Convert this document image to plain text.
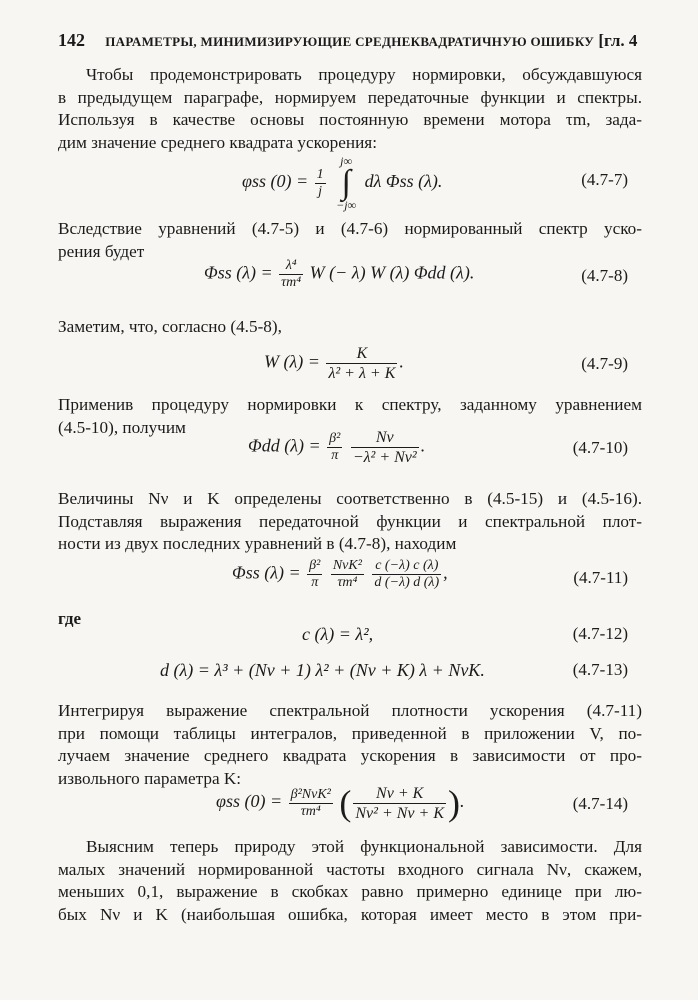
142 ПАРАМЕТРЫ, МИНИМИЗИРУЮЩИЕ СРЕДНЕКВАДРАТИЧНУЮ ОШИБКУ [гл. 4

Чтобы продемонстрировать процедуру нормировки, обсуждавшуюся
в предыдущем параграфе, нормируем передаточные функции и спектры.
Используя в качестве основы постоянную времени мотора τm, зада-
дим значение среднего квадрата ускорения:

φss $(0) = \frac{1}{j}$

j∞
∫
−j∞
dλ Φss (λ).	(4.7-7)

Вследствие уравнений (4.7-5) и (4.7-6) нормированный спектр уско-
рения будет

Φss $(\lambda) = \frac{\text{λ⁴}}{\text{τm⁴}}$ W (− λ) W (λ) Φdd (λ).	(4.7-8)

Заметим, что, согласно (4.5-8),

W $(\lambda) = \frac{K}{\text{λ² + λ + K}}$ .	(4.7-9)

Применив процедуру нормировки к спектру, заданному уравнением
(4.5-10), получим

Φdd $(\lambda) = \frac{\text{β²}}{\pi}$
$\frac{N\nu}{\text{−λ² + Nν²}}$ .	(4.7-10)

Величины Nν и K определены соответственно в (4.5-15) и (4.5-16).
Подставляя выражения передаточной функции и спектральной плот-
ности из двух последних уравнений в (4.7-8), находим

Φss $(\lambda) = \frac{\text{β²}}{\pi}$
$\frac{\text{NνK²}}{\text{τm⁴}}$
$\frac{c (-\lambda) c (\lambda)}{d (-\lambda) d (\lambda)}$ ,	(4.7-11)
где
c (λ) = λ²,	(4.7-12)
d (λ) = λ³ + (Nν + 1) λ² + (Nν + K) λ + NνK.	(4.7-13)

Интегрируя выражение спектральной плотности ускорения (4.7-11)
при помощи таблицы интегралов, приведенной в приложении V, по-
лучаем значение среднего квадрата ускорения в зависимости от про-
извольного параметра K:

φss $(0) = \frac{\text{β²NνK²}}{\text{τm⁴}}$ ( $\frac{N\nu + K}{\text{Nν² + Nν + K}}$ ).	(4.7-14)

Выясним теперь природу этой функциональной зависимости. Для
малых значений нормированной частоты входного сигнала Nν, скажем,
меньших 0,1, выражение в скобках равно примерно единице при лю-
бых Nν и K (наибольшая ошибка, которая имеет место в этом при-
